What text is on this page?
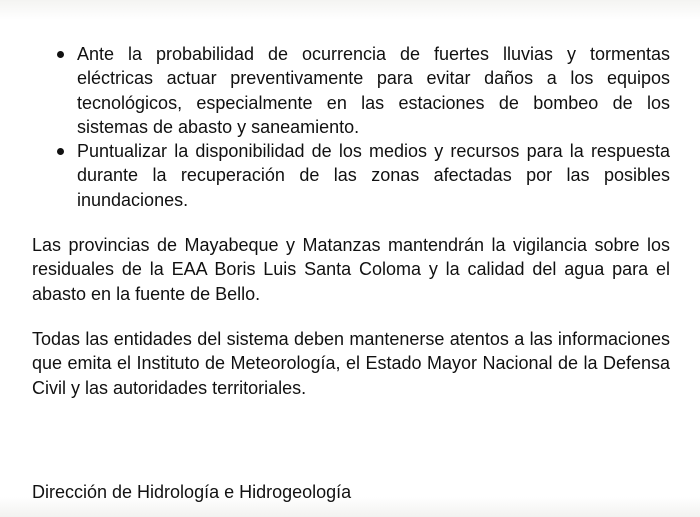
Ante la probabilidad de ocurrencia de fuertes lluvias y tormentas eléctricas actuar preventivamente para evitar daños a los equipos tecnológicos, especialmente en las estaciones de bombeo de los sistemas de abasto y saneamiento.
Puntualizar la disponibilidad de los medios y recursos para la respuesta durante la recuperación de las zonas afectadas por las posibles inundaciones.

Las provincias de Mayabeque y Matanzas mantendrán la vigilancia sobre los residuales de la EAA Boris Luis Santa Coloma y la calidad del agua para el abasto en la fuente de Bello.

Todas las entidades del sistema deben mantenerse atentos a las informaciones que emita el Instituto de Meteorología, el Estado Mayor Nacional de la Defensa Civil y las autoridades territoriales.

Dirección de Hidrología e Hidrogeología
